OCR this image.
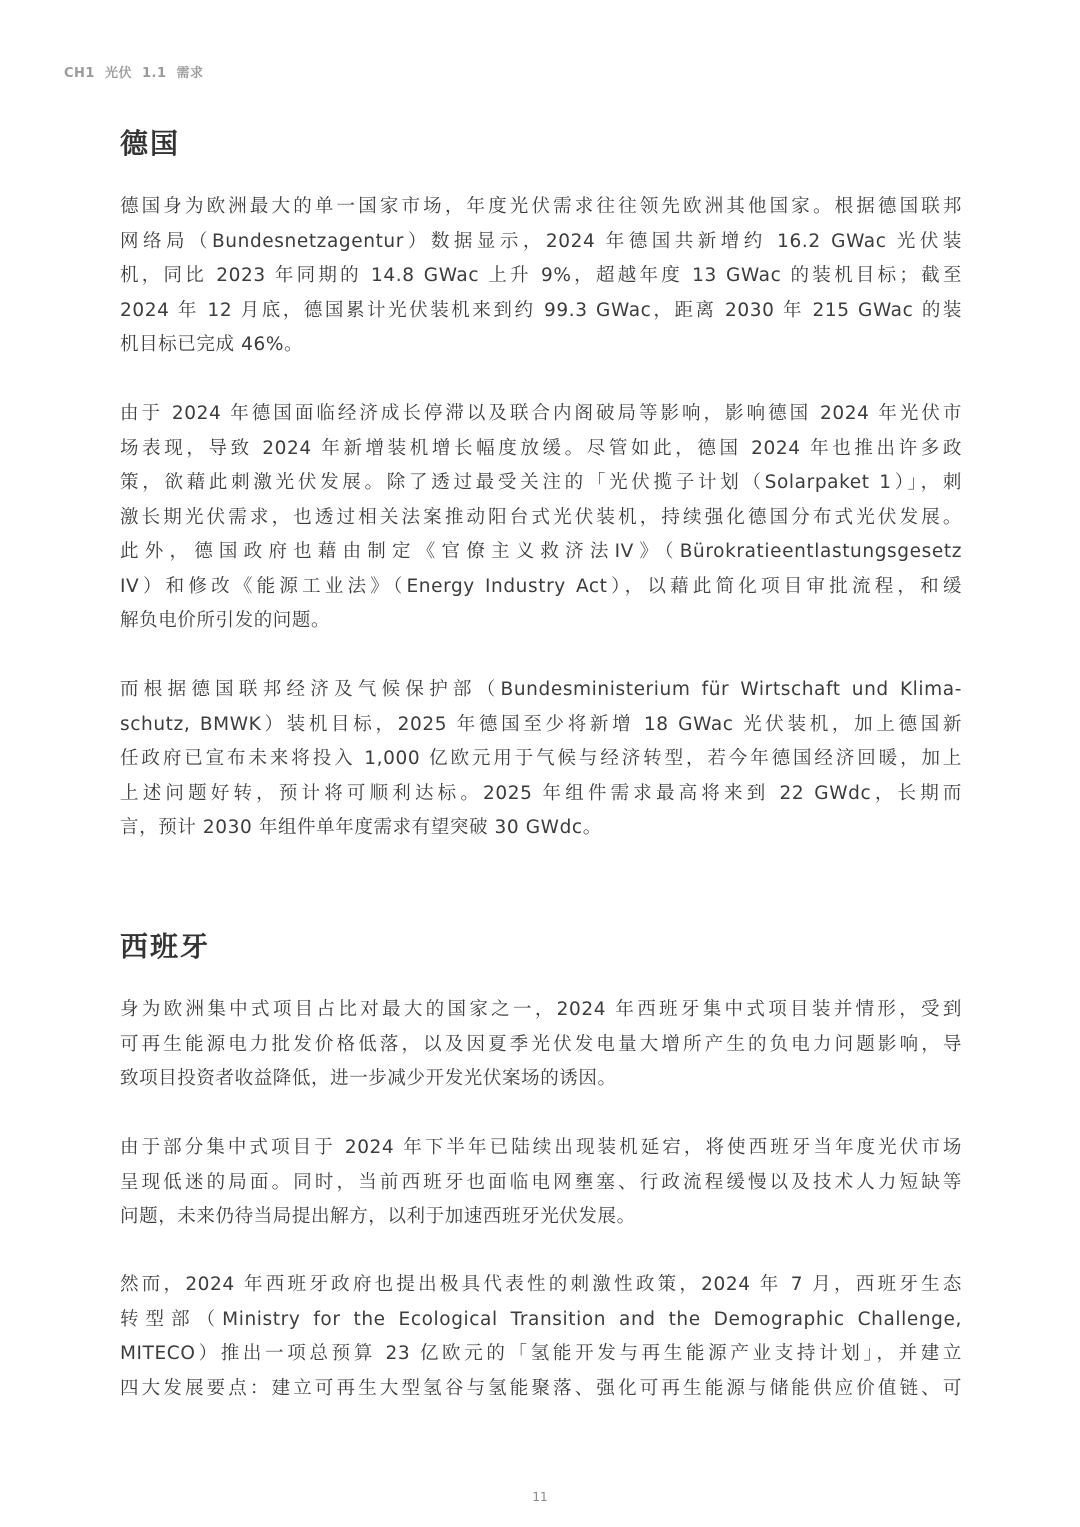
CH1 光伏 1.1 需求
德国
德国身为欧洲最大的单一国家市场，年度光伏需求往往领先欧洲其他国家。根据德国联邦
网络局（Bundesnetzagentur）数据显示，2024 年德国共新增约 16.2 GWac 光伏装
机，同比 2023 年同期的 14.8 GWac 上升 9%，超越年度 13 GWac 的装机目标；截至
2024 年 12 月底，德国累计光伏装机来到约 99.3 GWac，距离 2030 年 215 GWac 的装
机目标已完成 46%。
由于 2024 年德国面临经济成长停滞以及联合内阁破局等影响，影响德国 2024 年光伏市
场表现，导致 2024 年新增装机增长幅度放缓。尽管如此，德国 2024 年也推出许多政
策，欲藉此刺激光伏发展。除了透过最受关注的「光伏揽子计划（Solarpaket 1）」，刺
激长期光伏需求，也透过相关法案推动阳台式光伏装机，持续强化德国分布式光伏发展。
此外，德国政府也藉由制定《官僚主义救济法IV》（Bürokratieentlastungsgesetz
IV）和修改《能源工业法》（Energy Industry Act），以藉此简化项目审批流程，和缓
解负电价所引发的问题。
而根据德国联邦经济及气候保护部（Bundesministerium für Wirtschaft und Klima-
schutz, BMWK）装机目标，2025 年德国至少将新增 18 GWac 光伏装机，加上德国新
任政府已宣布未来将投入 1,000 亿欧元用于气候与经济转型，若今年德国经济回暖，加上
上述问题好转，预计将可顺利达标。2025 年组件需求最高将来到 22 GWdc，长期而
言，预计 2030 年组件单年度需求有望突破 30 GWdc。
西班牙
身为欧洲集中式项目占比对最大的国家之一，2024 年西班牙集中式项目装并情形，受到
可再生能源电力批发价格低落，以及因夏季光伏发电量大增所产生的负电力问题影响，导
致项目投资者收益降低，进一步减少开发光伏案场的诱因。
由于部分集中式项目于 2024 年下半年已陆续出现装机延宕，将使西班牙当年度光伏市场
呈现低迷的局面。同时，当前西班牙也面临电网壅塞、行政流程缓慢以及技术人力短缺等
问题，未来仍待当局提出解方，以利于加速西班牙光伏发展。
然而，2024 年西班牙政府也提出极具代表性的刺激性政策，2024 年 7 月，西班牙生态
转型部（Ministry for the Ecological Transition and the Demographic Challenge,
MITECO）推出一项总预算 23 亿欧元的「氢能开发与再生能源产业支持计划」，并建立
四大发展要点：建立可再生大型氢谷与氢能聚落、强化可再生能源与储能供应价值链、可
11
